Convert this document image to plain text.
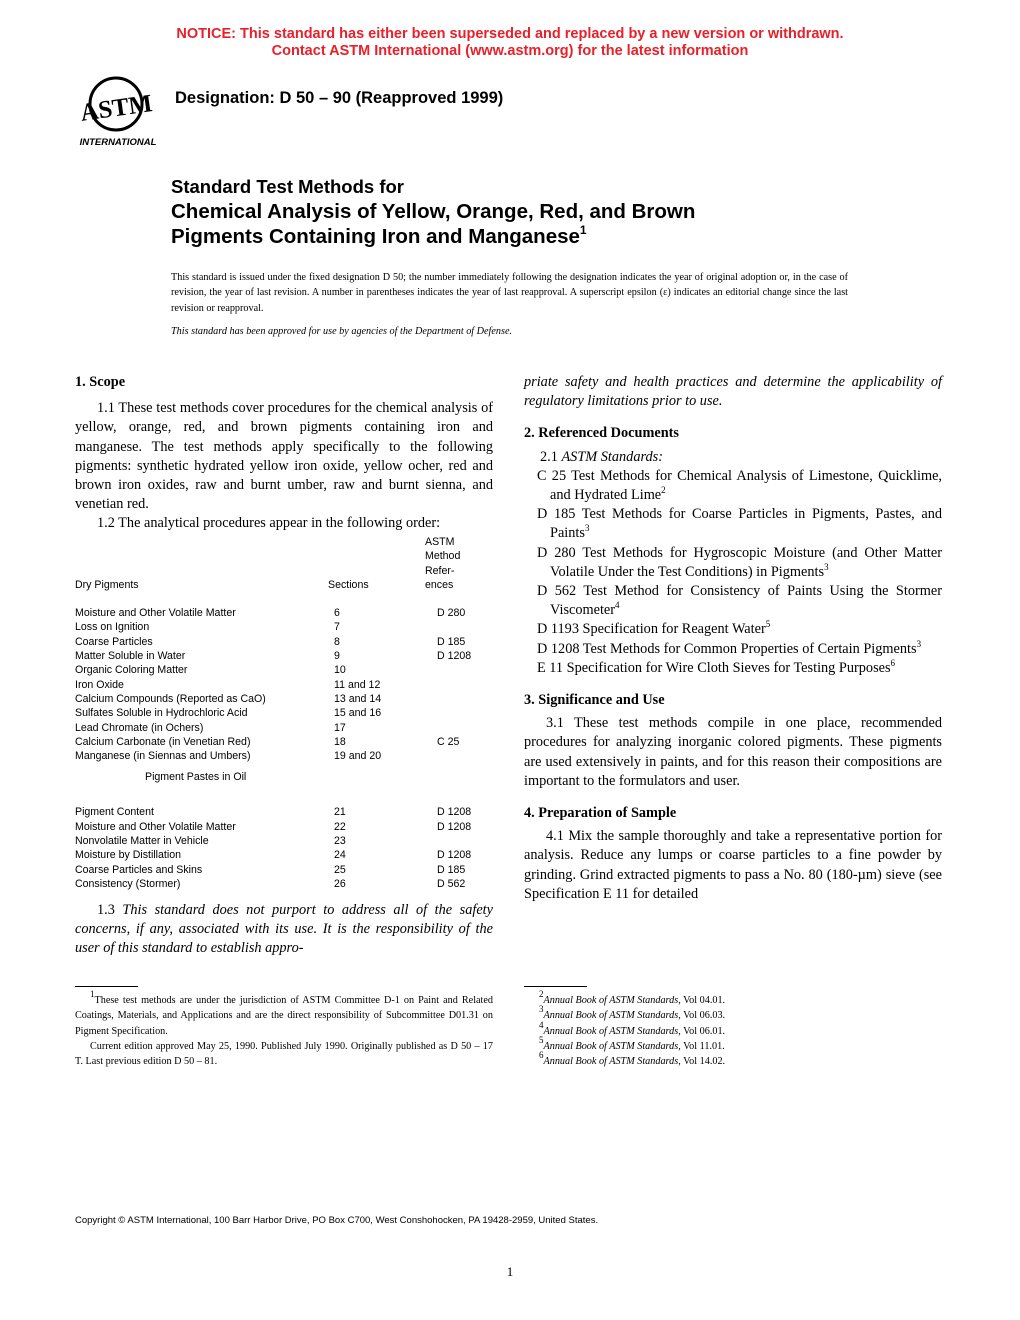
NOTICE: This standard has either been superseded and replaced by a new version or withdrawn.
Contact ASTM International (www.astm.org) for the latest information
ASTM
INTERNATIONAL
Designation: D 50 – 90 (Reapproved 1999)
Standard Test Methods for
Chemical Analysis of Yellow, Orange, Red, and Brown
Pigments Containing Iron and Manganese$^1$
This standard is issued under the fixed designation D 50; the number immediately following the designation indicates the year of original adoption or, in the case of revision, the year of last revision. A number in parentheses indicates the year of last reapproval. A superscript epsilon (ε) indicates an editorial change since the last revision or reapproval.
This standard has been approved for use by agencies of the Department of Defense.
1. Scope

1.1 These test methods cover procedures for the chemical analysis of yellow, orange, red, and brown pigments containing iron and manganese. The test methods apply specifically to the following pigments: synthetic hydrated yellow iron oxide, yellow ocher, red and brown iron oxides, raw and burnt umber, raw and burnt sienna, and venetian red.

1.2 The analytical procedures appear in the following order:

		ASTM
		Method
		Refer-
Dry Pigments	Sections	ences

Moisture and Other Volatile Matter	6	D 280
Loss on Ignition	7	
Coarse Particles	8	D 185
Matter Soluble in Water	9	D 1208
Organic Coloring Matter	10	
Iron Oxide	11 and 12	
Calcium Compounds (Reported as CaO)	13 and 14	
Sulfates Soluble in Hydrochloric Acid	15 and 16	
Lead Chromate (in Ochers)	17	
Calcium Carbonate (in Venetian Red)	18	C 25
Manganese (in Siennas and Umbers)	19 and 20	
Pigment Pastes in Oil		

Pigment Content	21	D 1208
Moisture and Other Volatile Matter	22	D 1208
Nonvolatile Matter in Vehicle	23	
Moisture by Distillation	24	D 1208
Coarse Particles and Skins	25	D 185
Consistency (Stormer)	26	D 562

1.3 This standard does not purport to address all of the safety concerns, if any, associated with its use. It is the responsibility of the user of this standard to establish appro-

$^1$These test methods are under the jurisdiction of ASTM Committee D-1 on Paint and Related Coatings, Materials, and Applications and are the direct responsibility of Subcommittee D01.31 on Pigment Specification.
Current edition approved May 25, 1990. Published July 1990. Originally published as D 50 – 17 T. Last previous edition D 50 – 81.

priate safety and health practices and determine the applicability of regulatory limitations prior to use.

2. Referenced Documents

2.1 ASTM Standards:

C 25 Test Methods for Chemical Analysis of Limestone, Quicklime, and Hydrated Lime$^2$

D 185 Test Methods for Coarse Particles in Pigments, Pastes, and Paints$^3$

D 280 Test Methods for Hygroscopic Moisture (and Other Matter Volatile Under the Test Conditions) in Pigments$^3$

D 562 Test Method for Consistency of Paints Using the Stormer Viscometer$^4$

D 1193 Specification for Reagent Water$^5$

D 1208 Test Methods for Common Properties of Certain Pigments$^3$

E 11 Specification for Wire Cloth Sieves for Testing Purposes$^6$

3. Significance and Use

3.1 These test methods compile in one place, recommended procedures for analyzing inorganic colored pigments. These pigments are used extensively in paints, and for this reason their compositions are important to the formulators and user.

4. Preparation of Sample

4.1 Mix the sample thoroughly and take a representative portion for analysis. Reduce any lumps or coarse particles to a fine powder by grinding. Grind extracted pigments to pass a No. 80 (180-µm) sieve (see Specification E 11 for detailed

$^2$Annual Book of ASTM Standards, Vol 04.01.
$^3$Annual Book of ASTM Standards, Vol 06.03.
$^4$Annual Book of ASTM Standards, Vol 06.01.
$^5$Annual Book of ASTM Standards, Vol 11.01.
$^6$Annual Book of ASTM Standards, Vol 14.02.
Copyright © ASTM International, 100 Barr Harbor Drive, PO Box C700, West Conshohocken, PA 19428-2959, United States.
1
